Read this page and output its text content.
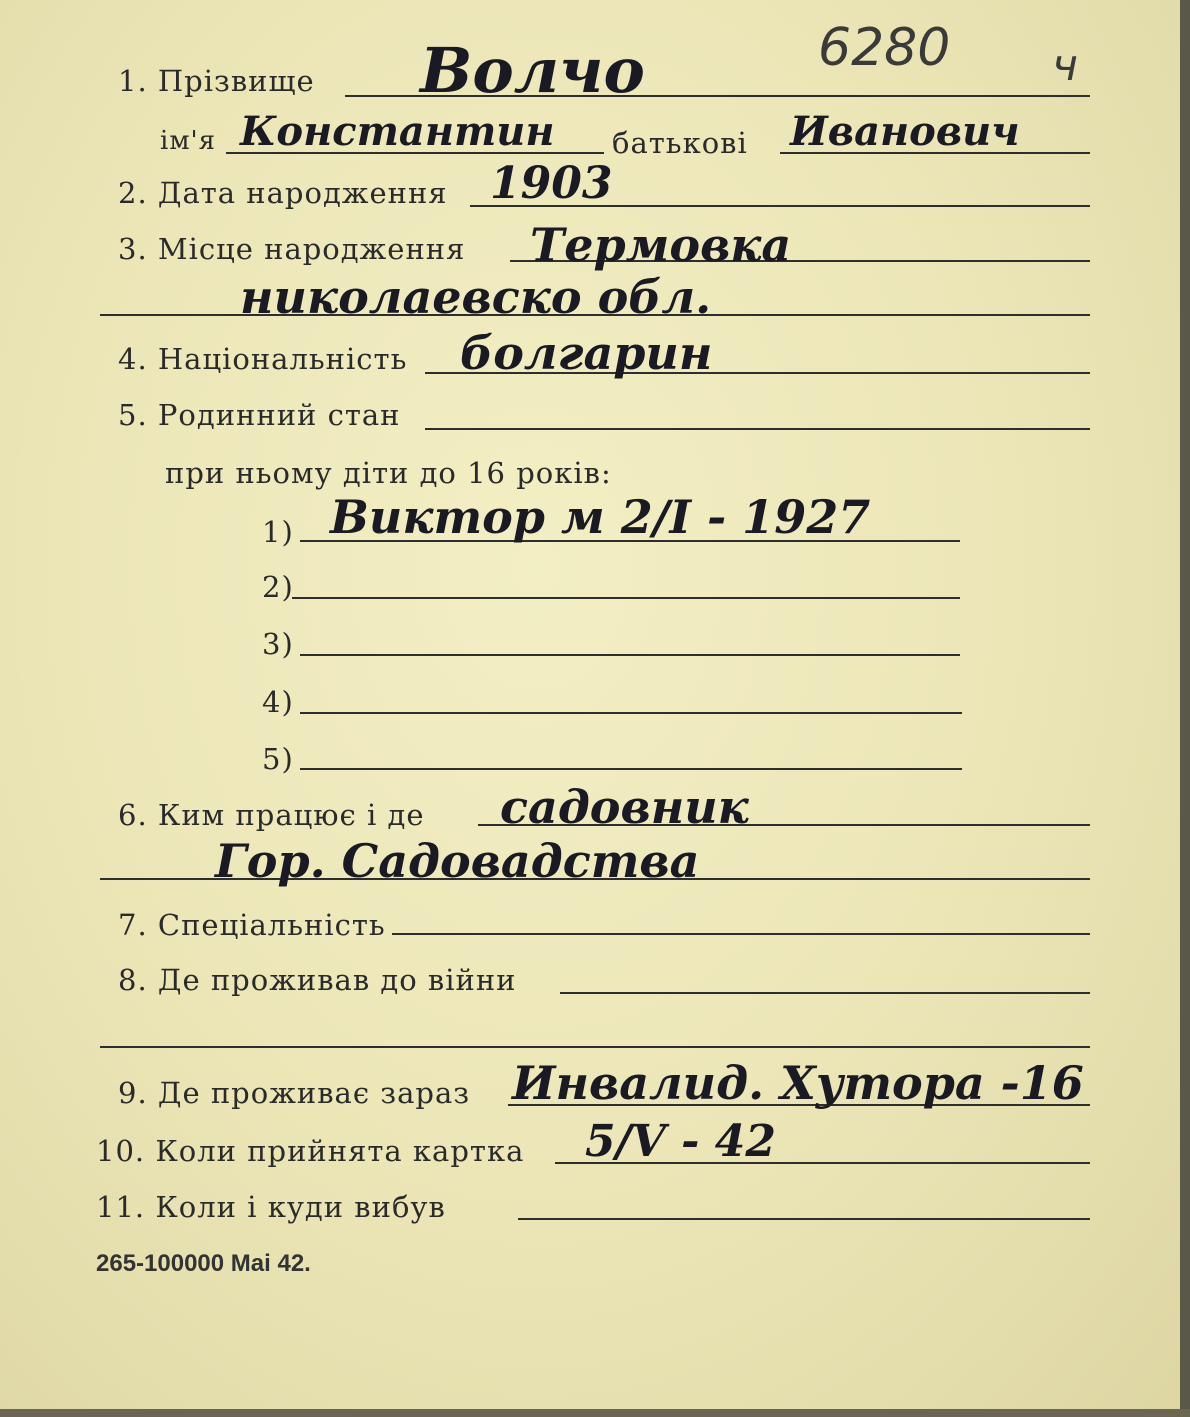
6280 ч
1. Прізвище Волчо
ім'я Константин батькові Иванович
2. Дата народження 1903
3. Місце народження Термовка
николаевско обл.
4. Національність болгарин
5. Родинний стан
при ньому діти до 16 років:
1) Виктор м 2/I - 1927
2)
3)
4)
5)
6. Ким працює і де садовник
Гор. Садовадства
7. Спеціальність
8. Де проживав до війни
9. Де проживає зараз Инвалид. Хутора -16
10. Коли прийнята картка 5/V - 42
11. Коли і куди вибув
265-100000 Mai 42.
